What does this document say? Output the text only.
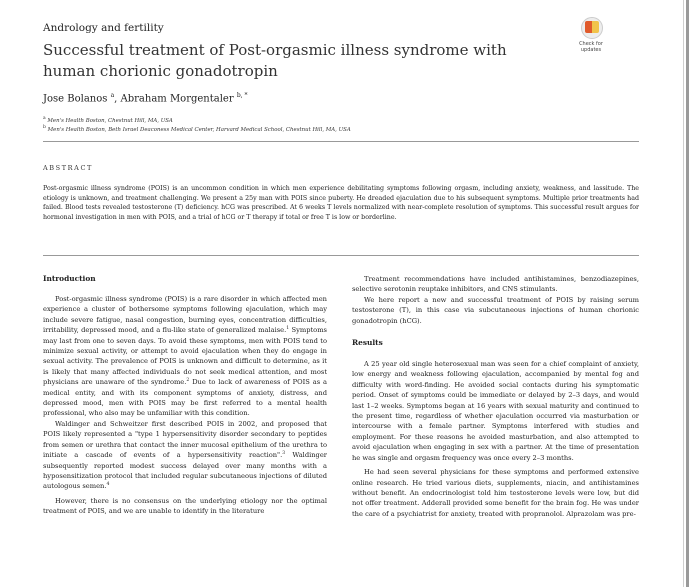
Andrology and fertility
Successful treatment of Post-orgasmic illness syndrome with human chorionic gonadotropin
Check for
updates
Jose Bolanos $^a$, Abraham Morgentaler $^{b, *}$
$^a$ Men's Health Boston, Chestnut Hill, MA, USA
$^b$ Men's Health Boston, Beth Israel Deaconess Medical Center, Harvard Medical School, Chestnut Hill, MA, USA
ABSTRACT
Post-orgasmic illness syndrome (POIS) is an uncommon condition in which men experience debilitating symptoms following orgasm, including anxiety, weakness, and lassitude. The etiology is unknown, and treatment challenging. We present a 25y man with POIS since puberty. He dreaded ejaculation due to his subsequent symptoms. Multiple prior treatments had failed. Blood tests revealed testosterone (T) deficiency. hCG was prescribed. At 6 weeks T levels normalized with near-complete resolution of symptoms. This successful result argues for hormonal investigation in men with POIS, and a trial of hCG or T therapy if total or free T is low or borderline.

Introduction

Post-orgasmic illness syndrome (POIS) is a rare disorder in which affected men experience a cluster of bothersome symptoms following ejaculation, which may include severe fatigue, nasal congestion, burning eyes, concentration difficulties, irritability, depressed mood, and a flu-like state of generalized malaise.$^1$ Symptoms may last from one to seven days. To avoid these symptoms, men with POIS tend to minimize sexual activity, or attempt to avoid ejaculation when they do engage in sexual activity. The prevalence of POIS is unknown and difficult to determine, as it is likely that many affected individuals do not seek medical attention, and most physicians are unaware of the syndrome.$^2$ Due to lack of awareness of POIS as a medical entity, and with its component symptoms of anxiety, distress, and depressed mood, men with POIS may be first referred to a mental health professional, who also may be unfamiliar with this condition.

Waldinger and Schweitzer first described POIS in 2002, and proposed that POIS likely represented a "type 1 hypersensitivity disorder secondary to peptides from semen or urethra that contact the inner mucosal epithelium of the urethra to initiate a cascade of events of a hypersensitivity reaction".$^3$ Waldinger subsequently reported modest success delayed over many months with a hyposensitization protocol that included regular subcutaneous injections of diluted autologous semen.$^4$

However, there is no consensus on the underlying etiology nor the optimal treatment of POIS, and we are unable to identify in the literature

Treatment recommendations have included antihistamines, benzodiazepines, selective serotonin reuptake inhibitors, and CNS stimulants.

We here report a new and successful treatment of POIS by raising serum testosterone (T), in this case via subcutaneous injections of human chorionic gonadotropin (hCG).

Results

A 25 year old single heterosexual man was seen for a chief complaint of anxiety, low energy and weakness following ejaculation, accompanied by mental fog and difficulty with word-finding. He avoided social contacts during his symptomatic period. Onset of symptoms could be immediate or delayed by 2–3 days, and would last 1–2 weeks. Symptoms began at 16 years with sexual maturity and continued to the present time, regardless of whether ejaculation occurred via masturbation or intercourse with a female partner. Symptoms interfered with studies and employment. For these reasons he avoided masturbation, and also attempted to avoid ejaculation when engaging in sex with a partner. At the time of presentation he was single and orgasm frequency was once every 2–3 months.

He had seen several physicians for these symptoms and performed extensive online research. He tried various diets, supplements, niacin, and antihistamines without benefit. An endocrinologist told him testosterone levels were low, but did not offer treatment. Adderall provided some benefit for the brain fog. He was under the care of a psychiatrist for anxiety, treated with propranolol. Alprazolam was pre-
